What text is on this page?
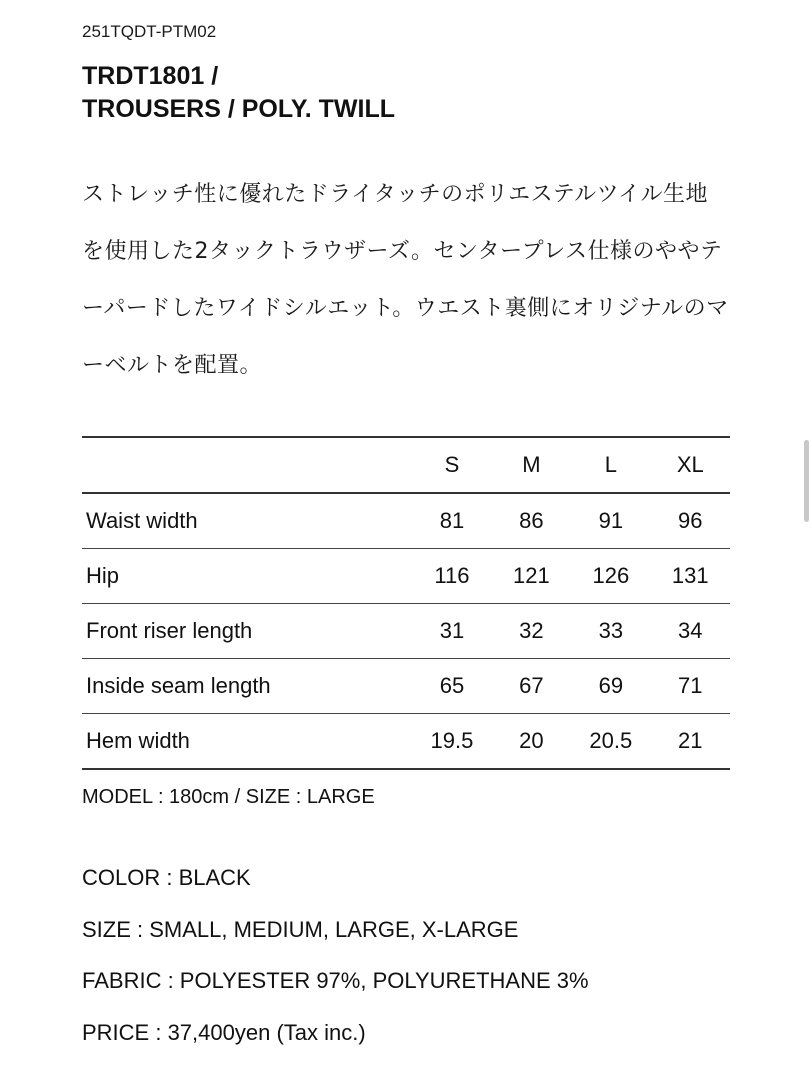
251TQDT-PTM02
TRDT1801 /
TROUSERS / POLY. TWILL

ストレッチ性に優れたドライタッチのポリエステルツイル生地を使用した2タックトラウザーズ。センタープレス仕様のややテーパードしたワイドシルエット。ウエスト裏側にオリジナルのマーベルトを配置。

	S	M	L	XL
Waist width	81	86	91	96
Hip	116	121	126	131
Front riser length	31	32	33	34
Inside seam length	65	67	69	71
Hem width	19.5	20	20.5	21
MODEL : 180cm / SIZE : LARGE
COLOR : BLACK
SIZE : SMALL, MEDIUM, LARGE, X-LARGE
FABRIC : POLYESTER 97%, POLYURETHANE 3%
PRICE : 37,400yen (Tax inc.)
